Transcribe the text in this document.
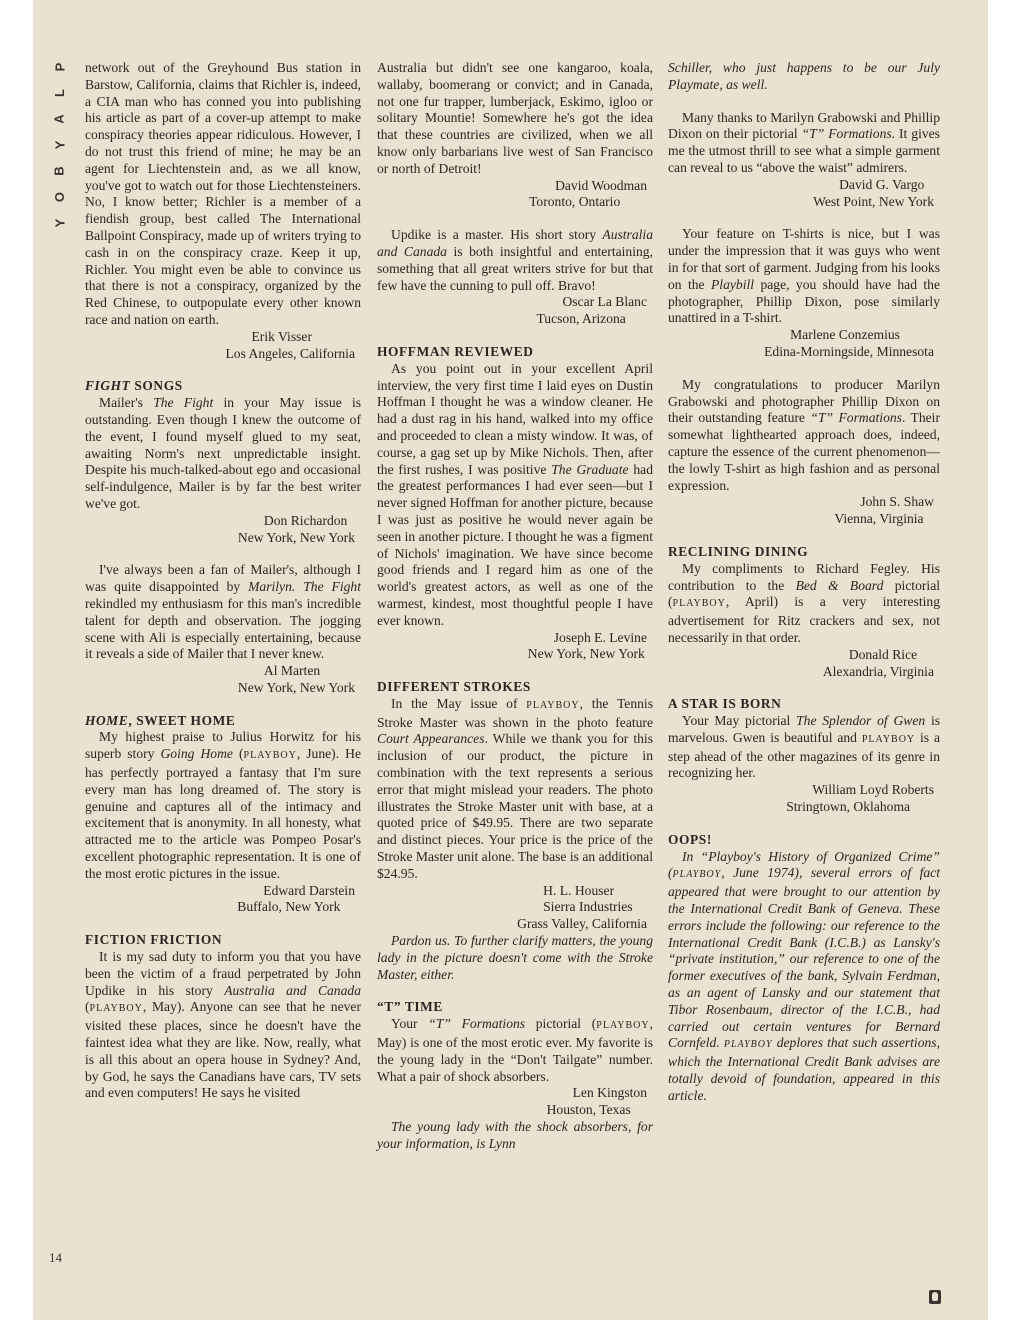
P
L
A
Y
B
O
Y
14

network out of the Greyhound Bus station in Barstow, California, claims that Richler is, indeed, a CIA man who has conned you into publishing his article as part of a cover-up attempt to make conspiracy theories appear ridiculous. However, I do not trust this friend of mine; he may be an agent for Liechtenstein and, as we all know, you've got to watch out for those Liechtensteiners. No, I know better; Richler is a member of a fiendish group, best called The International Ballpoint Conspiracy, made up of writers trying to cash in on the conspiracy craze. Keep it up, Richler. You might even be able to convince us that there is not a conspiracy, organized by the Red Chinese, to outpopulate every other known race and nation on earth.

Erik Visser
Los Angeles, California
FIGHT SONGS

Mailer's The Fight in your May issue is outstanding. Even though I knew the outcome of the event, I found myself glued to my seat, awaiting Norm's next unpredictable insight. Despite his much-talked-about ego and occasional self-indulgence, Mailer is by far the best writer we've got.

Don Richardon
New York, New York

I've always been a fan of Mailer's, although I was quite disappointed by Marilyn. The Fight rekindled my enthusiasm for this man's incredible talent for depth and observation. The jogging scene with Ali is especially entertaining, because it reveals a side of Mailer that I never knew.

Al Marten
New York, New York
HOME, SWEET HOME

My highest praise to Julius Horwitz for his superb story Going Home (PLAYBOY, June). He has perfectly portrayed a fantasy that I'm sure every man has long dreamed of. The story is genuine and captures all of the intimacy and excitement that is anonymity. In all honesty, what attracted me to the article was Pompeo Posar's excellent photographic representation. It is one of the most erotic pictures in the issue.

Edward Darstein
Buffalo, New York
FICTION FRICTION

It is my sad duty to inform you that you have been the victim of a fraud perpetrated by John Updike in his story Australia and Canada (PLAYBOY, May). Anyone can see that he never visited these places, since he doesn't have the faintest idea what they are like. Now, really, what is all this about an opera house in Sydney? And, by God, he says the Canadians have cars, TV sets and even computers! He says he visited

Australia but didn't see one kangaroo, koala, wallaby, boomerang or convict; and in Canada, not one fur trapper, lumberjack, Eskimo, igloo or solitary Mountie! Somewhere he's got the idea that these countries are civilized, when we all know only barbarians live west of San Francisco or north of Detroit!

David Woodman
Toronto, Ontario

Updike is a master. His short story Australia and Canada is both insightful and entertaining, something that all great writers strive for but that few have the cunning to pull off. Bravo!

Oscar La Blanc
Tucson, Arizona
HOFFMAN REVIEWED

As you point out in your excellent April interview, the very first time I laid eyes on Dustin Hoffman I thought he was a window cleaner. He had a dust rag in his hand, walked into my office and proceeded to clean a misty window. It was, of course, a gag set up by Mike Nichols. Then, after the first rushes, I was positive The Graduate had the greatest performances I had ever seen—but I never signed Hoffman for another picture, because I was just as positive he would never again be seen in another picture. I thought he was a figment of Nichols' imagination. We have since become good friends and I regard him as one of the world's greatest actors, as well as one of the warmest, kindest, most thoughtful people I have ever known.

Joseph E. Levine
New York, New York
DIFFERENT STROKES

In the May issue of PLAYBOY, the Tennis Stroke Master was shown in the photo feature Court Appearances. While we thank you for this inclusion of our product, the picture in combination with the text represents a serious error that might mislead your readers. The photo illustrates the Stroke Master unit with base, at a quoted price of $49.95. There are two separate and distinct pieces. Your price is the price of the Stroke Master unit alone. The base is an additional $24.95.

H. L. Houser
Sierra Industries
Grass Valley, California

Pardon us. To further clarify matters, the young lady in the picture doesn't come with the Stroke Master, either.

“T” TIME

Your “T” Formations pictorial (PLAYBOY, May) is one of the most erotic ever. My favorite is the young lady in the “Don't Tailgate” number. What a pair of shock absorbers.

Len Kingston
Houston, Texas

The young lady with the shock absorbers, for your information, is Lynn

Schiller, who just happens to be our July Playmate, as well.

Many thanks to Marilyn Grabowski and Phillip Dixon on their pictorial “T” Formations. It gives me the utmost thrill to see what a simple garment can reveal to us “above the waist” admirers.

David G. Vargo
West Point, New York

Your feature on T-shirts is nice, but I was under the impression that it was guys who went in for that sort of garment. Judging from his looks on the Playbill page, you should have had the photographer, Phillip Dixon, pose similarly unattired in a T-shirt.

Marlene Conzemius
Edina-Morningside, Minnesota

My congratulations to producer Marilyn Grabowski and photographer Phillip Dixon on their outstanding feature “T” Formations. Their somewhat lighthearted approach does, indeed, capture the essence of the current phenomenon—the lowly T-shirt as high fashion and as personal expression.

John S. Shaw
Vienna, Virginia
RECLINING DINING

My compliments to Richard Fegley. His contribution to the Bed & Board pictorial (PLAYBOY, April) is a very interesting advertisement for Ritz crackers and sex, not necessarily in that order.

Donald Rice
Alexandria, Virginia
A STAR IS BORN

Your May pictorial The Splendor of Gwen is marvelous. Gwen is beautiful and PLAYBOY is a step ahead of the other magazines of its genre in recognizing her.

William Loyd Roberts
Stringtown, Oklahoma
OOPS!

In “Playboy's History of Organized Crime” (PLAYBOY, June 1974), several errors of fact appeared that were brought to our attention by the International Credit Bank of Geneva. These errors include the following: our reference to the International Credit Bank (I.C.B.) as Lansky's “private institution,” our reference to one of the former executives of the bank, Sylvain Ferdman, as an agent of Lansky and our statement that Tibor Rosenbaum, director of the I.C.B., had carried out certain ventures for Bernard Cornfeld. PLAYBOY deplores that such assertions, which the International Credit Bank advises are totally devoid of foundation, appeared in this article.
